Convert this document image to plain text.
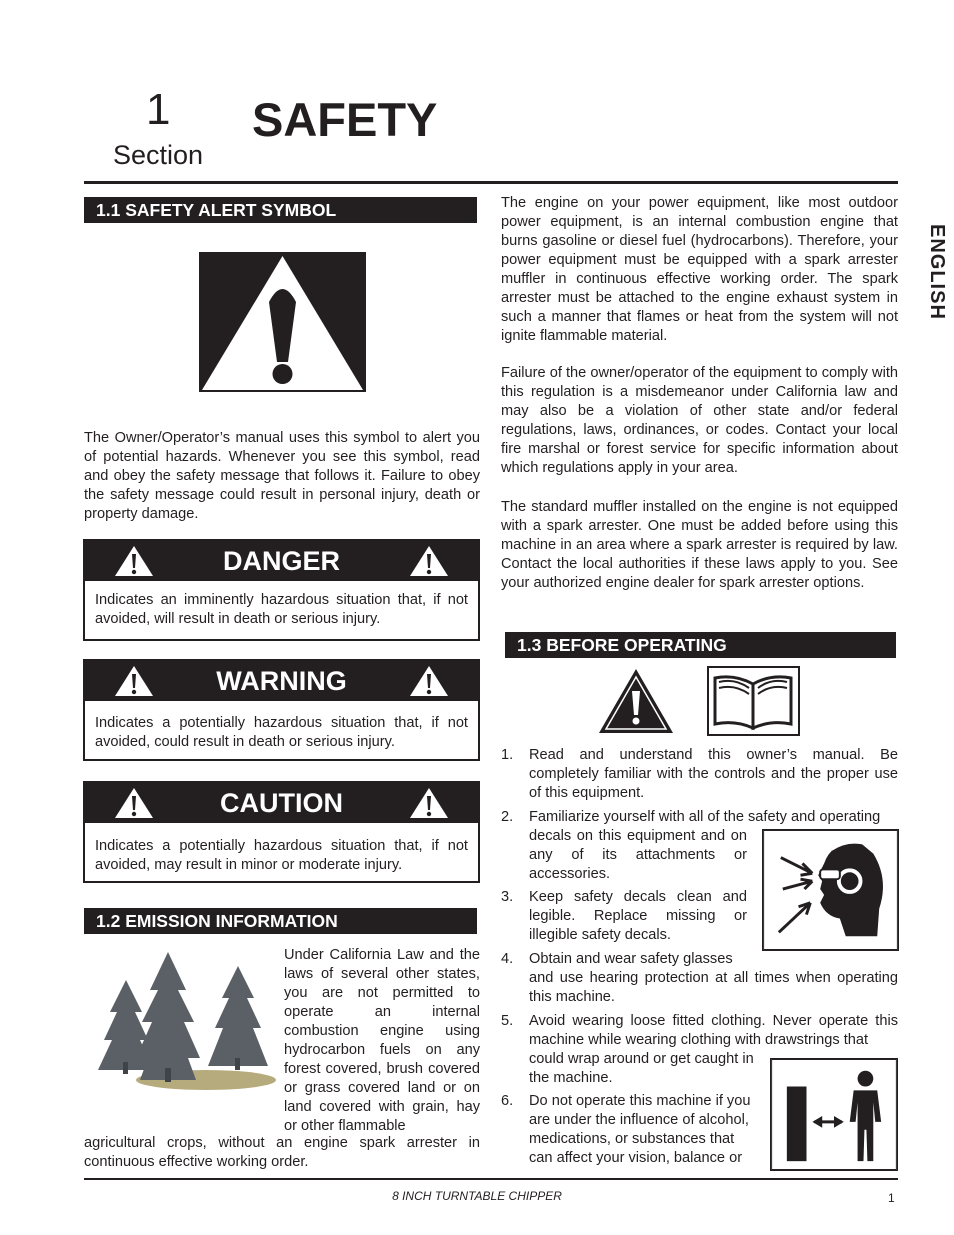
1
Section
SAFETY
ENGLISH
1.1 SAFETY ALERT SYMBOL
The Owner/Operator’s manual uses this symbol to alert you of potential hazards. Whenever you see this symbol, read and obey the safety message that follows it. Failure to obey the safety message could result in personal injury, death or property damage.
DANGER
Indicates an imminently hazardous situation that, if not avoided, will result in death or serious injury.
WARNING
Indicates a potentially hazardous situation that, if not avoided, could result in death or serious injury.
CAUTION
Indicates a potentially hazardous situation that, if not avoided, may result in minor or moderate injury.
1.2 EMISSION INFORMATION
Under California Law and the laws of several other states, you are not permitted to operate an internal combustion engine using hydrocarbon fuels on any forest covered, brush covered or grass covered land or on land covered with grain, hay or other flammable
agricultural crops, without an engine spark arrester in continuous effective working order.
The engine on your power equipment, like most outdoor power equipment, is an internal combustion engine that burns gasoline or diesel fuel (hydrocarbons). Therefore, your power equipment must be equipped with a spark arrester muffler in continuous effective working order. The spark arrester must be attached to the engine exhaust system in such a manner that flames or heat from the system will not ignite flammable material.
Failure of the owner/operator of the equipment to comply with this regulation is a misdemeanor under California law and may also be a violation of other state and/or federal regulations, laws, ordinances, or codes. Contact your local fire marshal or forest service for specific information about which regulations apply in your area.
The standard muffler installed on the engine is not equipped with a spark arrester. One must be added before using this machine in an area where a spark arrester is required by law. Contact the local authorities if these laws apply to you. See your authorized engine dealer for spark arrester options.
1.3 BEFORE OPERATING
1. Read and understand this owner’s manual. Be completely familiar with the controls and the proper use of this equipment.
2. Familiarize yourself with all of the safety and operating
decals on this equipment and on any of its attachments or accessories.
3. Keep safety decals clean and legible. Replace missing or illegible safety decals.
4. Obtain and wear safety glasses
and use hearing protection at all times when operating this machine.
5. Avoid wearing loose fitted clothing. Never operate this machine while wearing clothing with drawstrings that
could wrap around or get caught in the machine.
6. Do not operate this machine if you are under the influence of alcohol, medications, or substances that can affect your vision, balance or
8 INCH TURNTABLE CHIPPER	1
